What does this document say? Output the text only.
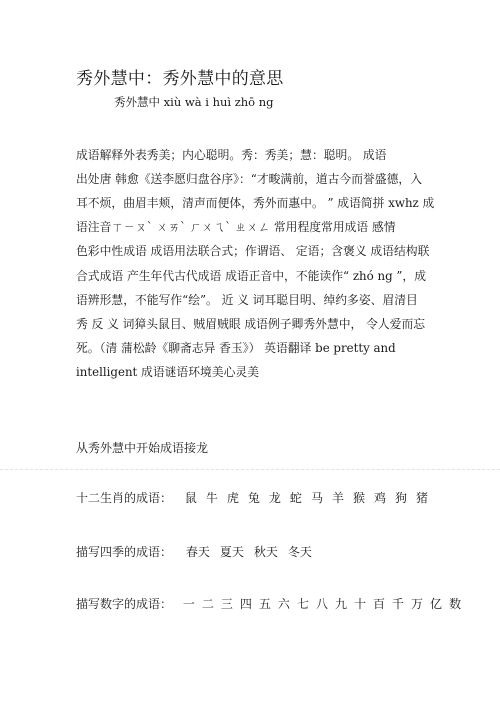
秀外慧中：秀外慧中的意思
秀外慧中 xiù wà i huì zhō ng
成语解释外表秀美；内心聪明。秀：秀美；慧：聪明。 成语
出处唐 韩愈《送李愿归盘谷序》：“才畯满前，道古今而誉盛德，入
耳不烦，曲眉丰颊，清声而便体，秀外而惠中。 ” 成语简拼 xwhz 成
语注音ㄒㄧㄡˋ ㄨㄞˋ ㄏㄨㄟˋ ㄓㄨㄥ 常用程度常用成语 感情
色彩中性成语 成语用法联合式；作谓语、 定语；含褒义 成语结构联
合式成语 产生年代古代成语 成语正音中，不能读作“ zhó ng ”，成
语辨形慧，不能写作“绘”。 近 义 词耳聪目明、绰约多姿、眉清目
秀 反 义 词獐头鼠目、贼眉贼眼 成语例子卿秀外慧中， 令人爱而忘
死。（清 蒲松龄《聊斋志异 香玉》） 英语翻译 be pretty and
intelligent 成语谜语环境美心灵美
从秀外慧中开始成语接龙
十二生肖的成语： 鼠 牛 虎 兔 龙 蛇 马 羊 猴 鸡 狗 猪
描写四季的成语： 春天 夏天 秋天 冬天
描写数字的成语： 一 二 三 四 五 六 七 八 九 十 百 千 万 亿 数
